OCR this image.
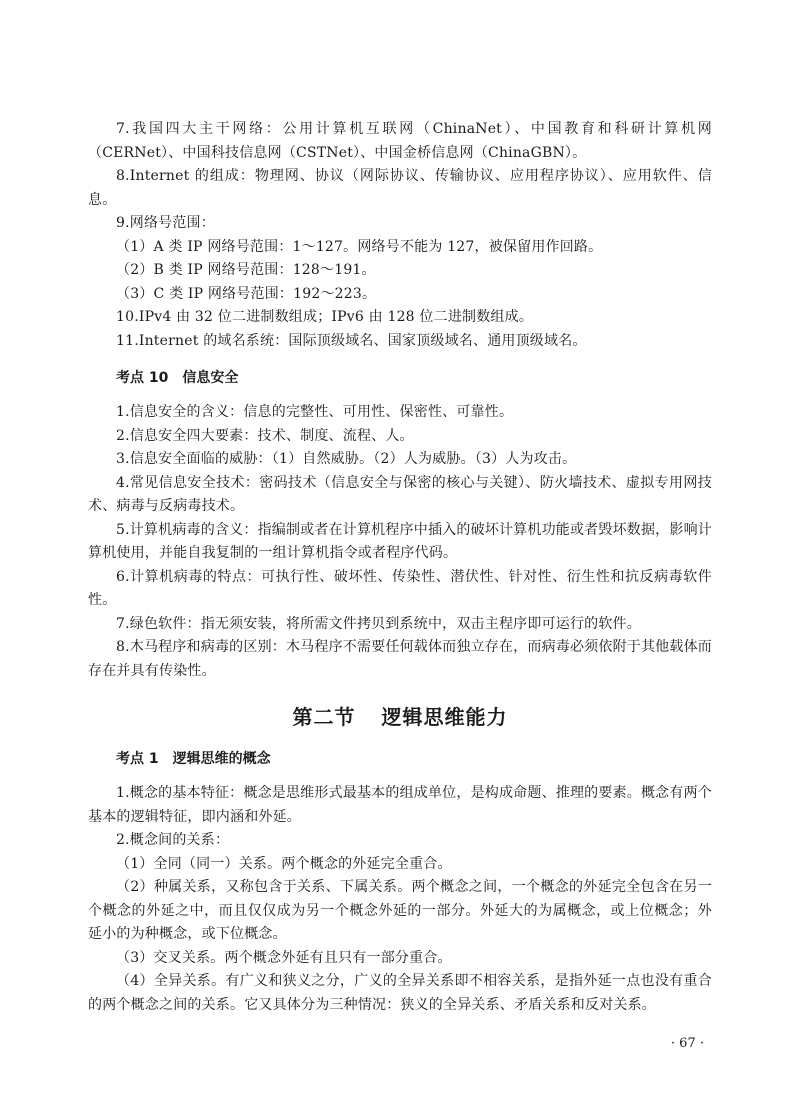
7.我国四大主干网络：公用计算机互联网（ChinaNet）、中国教育和科研计算机网（CERNet）、中国科技信息网（CSTNet）、中国金桥信息网（ChinaGBN）。

8.Internet 的组成：物理网、协议（网际协议、传输协议、应用程序协议）、应用软件、信息。

9.网络号范围：

（1）A 类 IP 网络号范围：1～127。网络号不能为 127，被保留用作回路。

（2）B 类 IP 网络号范围：128～191。

（3）C 类 IP 网络号范围：192～223。

10.IPv4 由 32 位二进制数组成；IPv6 由 128 位二进制数组成。

11.Internet 的域名系统：国际顶级域名、国家顶级域名、通用顶级域名。

考点 10 信息安全

1.信息安全的含义：信息的完整性、可用性、保密性、可靠性。

2.信息安全四大要素：技术、制度、流程、人。

3.信息安全面临的威胁：（1）自然威胁。（2）人为威胁。（3）人为攻击。

4.常见信息安全技术：密码技术（信息安全与保密的核心与关键）、防火墙技术、虚拟专用网技术、病毒与反病毒技术。

5.计算机病毒的含义：指编制或者在计算机程序中插入的破坏计算机功能或者毁坏数据，影响计算机使用，并能自我复制的一组计算机指令或者程序代码。

6.计算机病毒的特点：可执行性、破坏性、传染性、潜伏性、针对性、衍生性和抗反病毒软件性。

7.绿色软件：指无须安装，将所需文件拷贝到系统中，双击主程序即可运行的软件。

8.木马程序和病毒的区别：木马程序不需要任何载体而独立存在，而病毒必须依附于其他载体而存在并具有传染性。

第二节 逻辑思维能力
考点 1 逻辑思维的概念

1.概念的基本特征：概念是思维形式最基本的组成单位，是构成命题、推理的要素。概念有两个基本的逻辑特征，即内涵和外延。

2.概念间的关系：

（1）全同（同一）关系。两个概念的外延完全重合。

（2）种属关系，又称包含于关系、下属关系。两个概念之间，一个概念的外延完全包含在另一个概念的外延之中，而且仅仅成为另一个概念外延的一部分。外延大的为属概念，或上位概念；外延小的为种概念，或下位概念。

（3）交叉关系。两个概念外延有且只有一部分重合。

（4）全异关系。有广义和狭义之分，广义的全异关系即不相容关系，是指外延一点也没有重合的两个概念之间的关系。它又具体分为三种情况：狭义的全异关系、矛盾关系和反对关系。

· 67 ·
